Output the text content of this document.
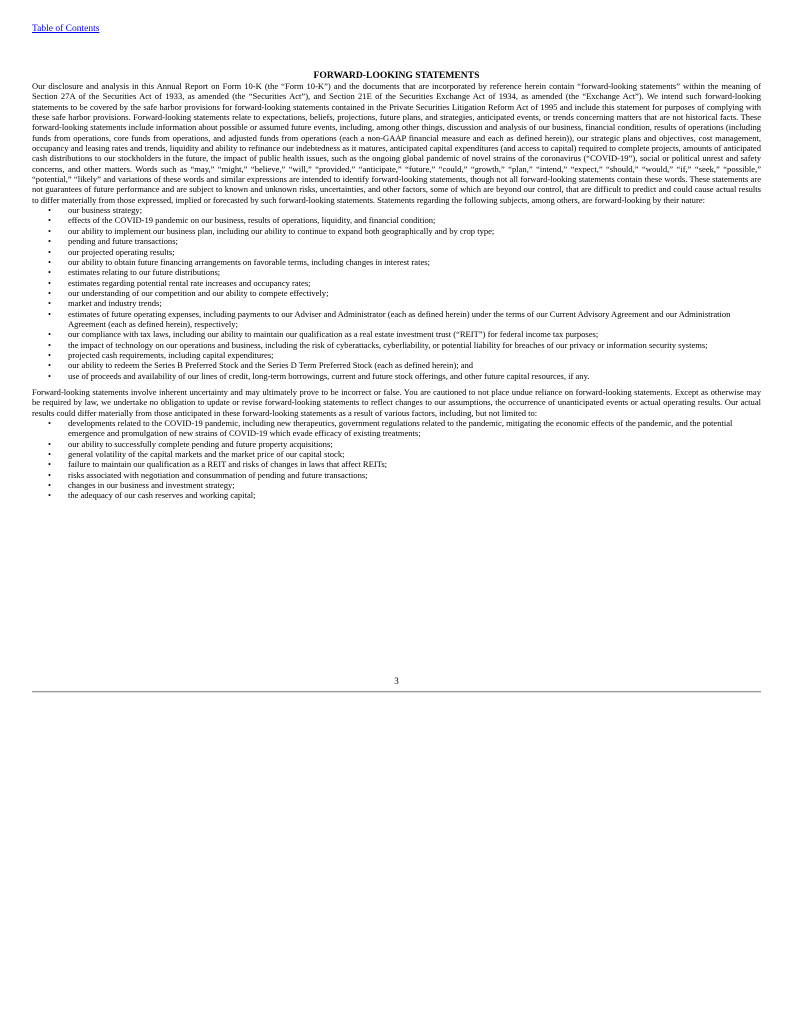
Table of Contents
FORWARD-LOOKING STATEMENTS

Our disclosure and analysis in this Annual Report on Form 10-K (the “Form 10-K”) and the documents that are incorporated by reference herein contain “forward-looking statements” within the meaning of Section 27A of the Securities Act of 1933, as amended (the “Securities Act”), and Section 21E of the Securities Exchange Act of 1934, as amended (the “Exchange Act”). We intend such forward-looking statements to be covered by the safe harbor provisions for forward-looking statements contained in the Private Securities Litigation Reform Act of 1995 and include this statement for purposes of complying with these safe harbor provisions. Forward-looking statements relate to expectations, beliefs, projections, future plans, and strategies, anticipated events, or trends concerning matters that are not historical facts. These forward-looking statements include information about possible or assumed future events, including, among other things, discussion and analysis of our business, financial condition, results of operations (including funds from operations, core funds from operations, and adjusted funds from operations (each a non-GAAP financial measure and each as defined herein)), our strategic plans and objectives, cost management, occupancy and leasing rates and trends, liquidity and ability to refinance our indebtedness as it matures, anticipated capital expenditures (and access to capital) required to complete projects, amounts of anticipated cash distributions to our stockholders in the future, the impact of public health issues, such as the ongoing global pandemic of novel strains of the coronavirus (“COVID-19”), social or political unrest and safety concerns, and other matters. Words such as “may,” “might,” “believe,” “will,” “provided,” “anticipate,” “future,” “could,” “growth,” “plan,” “intend,” “expect,” “should,” “would,” “if,” “seek,” “possible,” “potential,” “likely” and variations of these words and similar expressions are intended to identify forward-looking statements, though not all forward-looking statements contain these words. These statements are not guarantees of future performance and are subject to known and unknown risks, uncertainties, and other factors, some of which are beyond our control, that are difficult to predict and could cause actual results to differ materially from those expressed, implied or forecasted by such forward-looking statements. Statements regarding the following subjects, among others, are forward-looking by their nature:

• our business strategy;
• effects of the COVID-19 pandemic on our business, results of operations, liquidity, and financial condition;
• our ability to implement our business plan, including our ability to continue to expand both geographically and by crop type;
• pending and future transactions;
• our projected operating results;
• our ability to obtain future financing arrangements on favorable terms, including changes in interest rates;
• estimates relating to our future distributions;
• estimates regarding potential rental rate increases and occupancy rates;
• our understanding of our competition and our ability to compete effectively;
• market and industry trends;
• estimates of future operating expenses, including payments to our Adviser and Administrator (each as defined herein) under the terms of our Current Advisory Agreement and our Administration Agreement (each as defined herein), respectively;
• our compliance with tax laws, including our ability to maintain our qualification as a real estate investment trust (“REIT”) for federal income tax purposes;
• the impact of technology on our operations and business, including the risk of cyberattacks, cyberliability, or potential liability for breaches of our privacy or information security systems;
• projected cash requirements, including capital expenditures;
• our ability to redeem the Series B Preferred Stock and the Series D Term Preferred Stock (each as defined herein); and
• use of proceeds and availability of our lines of credit, long-term borrowings, current and future stock offerings, and other future capital resources, if any.

Forward-looking statements involve inherent uncertainty and may ultimately prove to be incorrect or false. You are cautioned to not place undue reliance on forward-looking statements. Except as otherwise may be required by law, we undertake no obligation to update or revise forward-looking statements to reflect changes to our assumptions, the occurrence of unanticipated events or actual operating results. Our actual results could differ materially from those anticipated in these forward-looking statements as a result of various factors, including, but not limited to:

• developments related to the COVID-19 pandemic, including new therapeutics, government regulations related to the pandemic, mitigating the economic effects of the pandemic, and the potential emergence and promulgation of new strains of COVID-19 which evade efficacy of existing treatments;
• our ability to successfully complete pending and future property acquisitions;
• general volatility of the capital markets and the market price of our capital stock;
• failure to maintain our qualification as a REIT and risks of changes in laws that affect REITs;
• risks associated with negotiation and consummation of pending and future transactions;
• changes in our business and investment strategy;
• the adequacy of our cash reserves and working capital;
3
